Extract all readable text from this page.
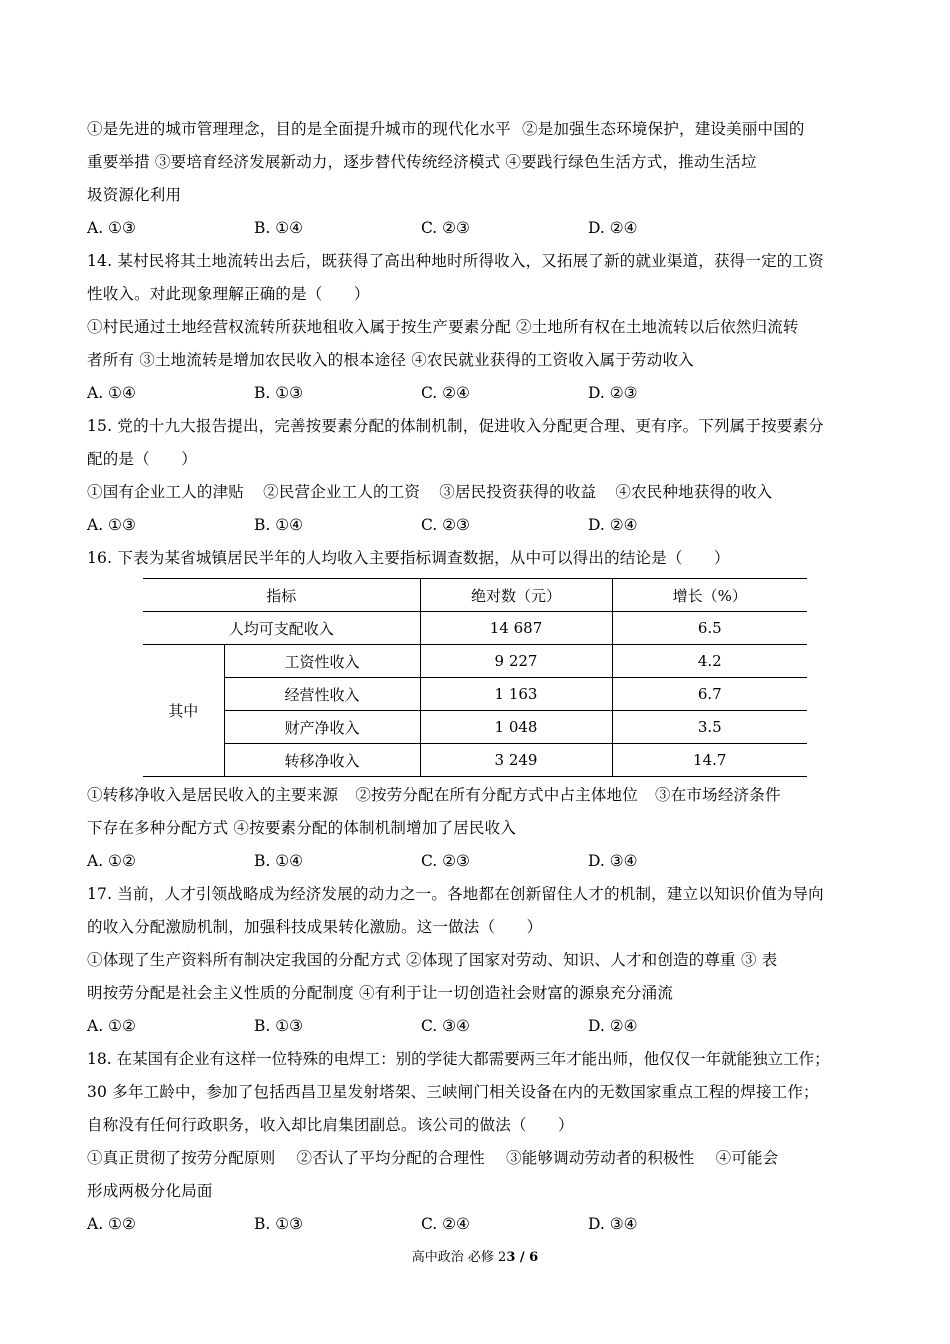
①是先进的城市管理理念，目的是全面提升城市的现代化水平 ②是加强生态环境保护，建设美丽中国的
重要举措 ③要培育经济发展新动力，逐步替代传统经济模式 ④要践行绿色生活方式，推动生活垃
圾资源化利用
A. ①③	B. ①④	C. ②③	D. ②④
14. 某村民将其土地流转出去后，既获得了高出种地时所得收入，又拓展了新的就业渠道，获得一定的工资
性收入。对此现象理解正确的是（　　）
①村民通过土地经营权流转所获地租收入属于按生产要素分配 ②土地所有权在土地流转以后依然归流转
者所有 ③土地流转是增加农民收入的根本途径 ④农民就业获得的工资收入属于劳动收入
A. ①④	B. ①③	C. ②④	D. ②③
15. 党的十九大报告提出，完善按要素分配的体制机制，促进收入分配更合理、更有序。下列属于按要素分
配的是（　　）
①国有企业工人的津贴 ②民营企业工人的工资 ③居民投资获得的收益 ④农民种地获得的收入
A. ①③	B. ①④	C. ②③	D. ②④
16. 下表为某省城镇居民半年的人均收入主要指标调查数据，从中可以得出的结论是（　　）
指标		绝对数（元）	增长（%）
人均可支配收入		14 687	6.5
其中	工资性收入	9 227	4.2
	经营性收入	1 163	6.7
	财产净收入	1 048	3.5
	转移净收入	3 249	14.7
①转移净收入是居民收入的主要来源 ②按劳分配在所有分配方式中占主体地位 ③在市场经济条件
下存在多种分配方式 ④按要素分配的体制机制增加了居民收入
A. ①②	B. ①④	C. ②③	D. ③④
17. 当前，人才引领战略成为经济发展的动力之一。各地都在创新留住人才的机制，建立以知识价值为导向
的收入分配激励机制，加强科技成果转化激励。这一做法（　　）
①体现了生产资料所有制决定我国的分配方式 ②体现了国家对劳动、知识、人才和创造的尊重 ③ 表
明按劳分配是社会主义性质的分配制度 ④有利于让一切创造社会财富的源泉充分涌流
A. ①②	B. ①③	C. ③④	D. ②④
18. 在某国有企业有这样一位特殊的电焊工：别的学徒大都需要两三年才能出师，他仅仅一年就能独立工作；
30 多年工龄中，参加了包括西昌卫星发射塔架、三峡闸门相关设备在内的无数国家重点工程的焊接工作；
自称没有任何行政职务，收入却比肩集团副总。该公司的做法（　　）
①真正贯彻了按劳分配原则 ②否认了平均分配的合理性 ③能够调动劳动者的积极性 ④可能会
形成两极分化局面
A. ①②	B. ①③	C. ②④	D. ③④
高中政治 必修 23 / 6
